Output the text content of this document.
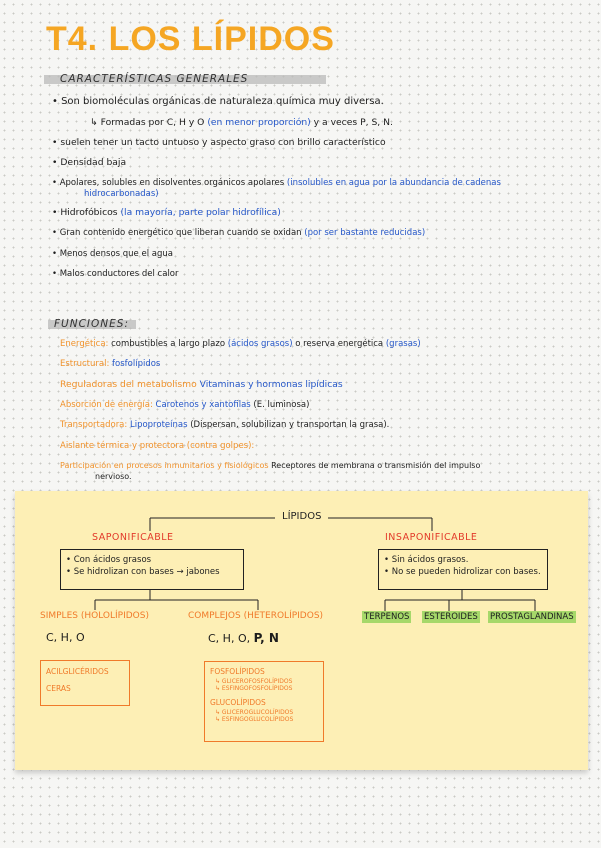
T4. LOS LÍPIDOS
CARACTERÍSTICAS GENERALES
• Son biomoléculas orgánicas de naturaleza química muy diversa.
↳ Formadas por C, H y O (en menor proporción) y a veces P, S, N.
• suelen tener un tacto untuoso y aspecto graso con brillo característico
• Densidad baja
• Apolares, solubles en disolventes orgánicos apolares (insolubles en agua por la abundancia de cadenas
hidrocarbonadas)
• Hidrofóbicos (la mayoría, parte polar hidrofílica)
• Gran contenido energético que liberan cuando se oxidan (por ser bastante reducidas)
• Menos densos que el agua
• Malos conductores del calor
FUNCIONES:
Energética: combustibles a largo plazo (ácidos grasos) o reserva energética (grasas)
Estructural: fosfolípidos
Reguladoras del metabolismo Vitaminas y hormonas lipídicas
Absorción de energía: Carotenos y xantofilas (E. luminosa)
Transportadora: Lipoproteínas (Dispersan, solubilizan y transportan la grasa).
Aislante térmica y protectora (contra golpes):
Participación en procesos inmunitarios y fisiológicos Receptores de membrana o transmisión del impulso
nervioso.
LÍPIDOS
SAPONIFICABLE	INSAPONIFICABLE
• Con ácidos grasos
• Se hidrolizan con bases → jabones
• Sin ácidos grasos.
• No se pueden hidrolizar con bases.
SIMPLES (HOLOLÍPIDOS)	COMPLEJOS (HETEROLÍPIDOS)
C, H, O	C, H, O, P, N
ACILGLICÉRIDOS
CERAS
FOSFOLÍPIDOS
↳ GLICEROFOSFOLÍPIDOS
↳ ESFINGOFOSFOLÍPIDOS
GLUCOLÍPIDOS
↳ GLICEROGLUCOLÍPIDOS
↳ ESFINGOGLUCOLÍPIDOS
TERPENOS ESTEROIDES PROSTAGLANDINAS
